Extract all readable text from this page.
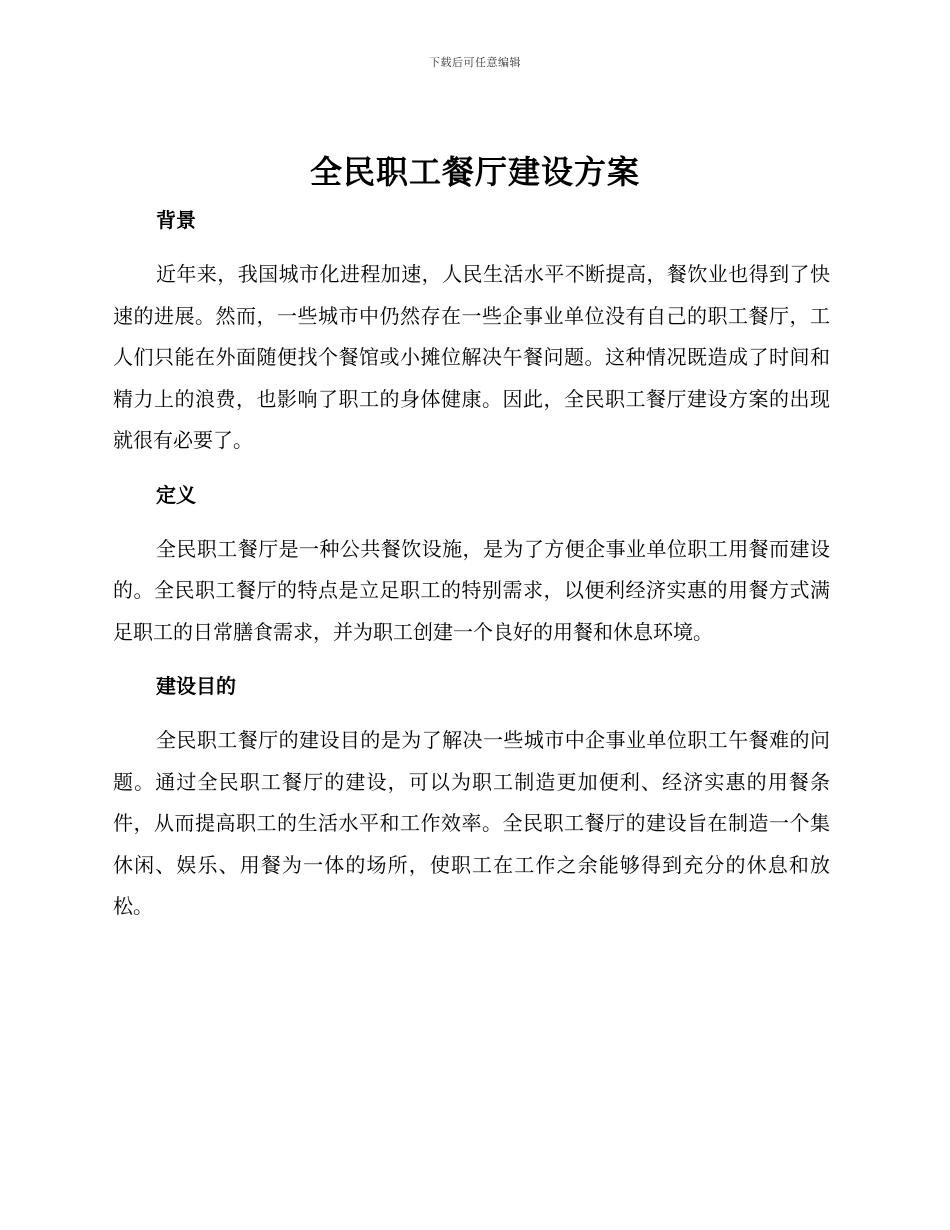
下载后可任意编辑
全民职工餐厅建设方案
背景

近年来，我国城市化进程加速，人民生活水平不断提高，餐饮业也得到了快速的进展。然而，一些城市中仍然存在一些企事业单位没有自己的职工餐厅，工人们只能在外面随便找个餐馆或小摊位解决午餐问题。这种情况既造成了时间和精力上的浪费，也影响了职工的身体健康。因此，全民职工餐厅建设方案的出现就很有必要了。

定义

全民职工餐厅是一种公共餐饮设施，是为了方便企事业单位职工用餐而建设的。全民职工餐厅的特点是立足职工的特别需求，以便利经济实惠的用餐方式满足职工的日常膳食需求，并为职工创建一个良好的用餐和休息环境。

建设目的

全民职工餐厅的建设目的是为了解决一些城市中企事业单位职工午餐难的问题。通过全民职工餐厅的建设，可以为职工制造更加便利、经济实惠的用餐条件，从而提高职工的生活水平和工作效率。全民职工餐厅的建设旨在制造一个集休闲、娱乐、用餐为一体的场所，使职工在工作之余能够得到充分的休息和放松。
